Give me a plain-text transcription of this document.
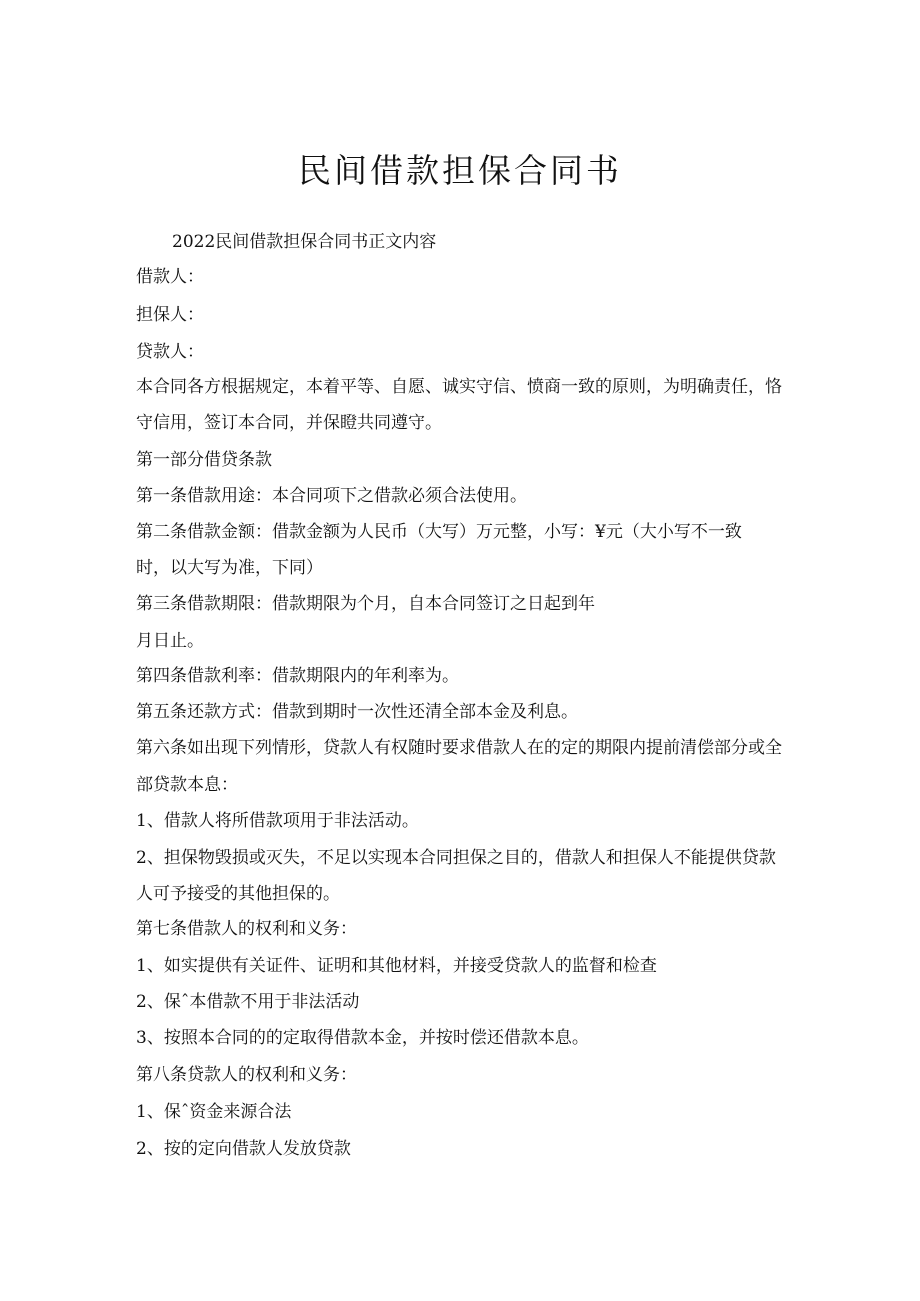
民间借款担保合同书
2022民间借款担保合同书正文内容
借款人：
担保人：
贷款人：
本合同各方根据规定，本着平等、自愿、诚实守信、愤商一致的原则，为明确责任，恪
守信用，签订本合同，并保瞪共同遵守。
第一部分借贷条款
第一条借款用途：本合同项下之借款必须合法使用。
第二条借款金额：借款金额为人民币（大写）万元整，小写：¥元（大小写不一致
时，以大写为准，下同）
第三条借款期限：借款期限为个月，自本合同签订之日起到年
月日止。
第四条借款利率：借款期限内的年利率为。
第五条还款方式：借款到期时一次性还清全部本金及利息。
第六条如出现下列情形，贷款人有权随时要求借款人在的定的期限内提前清偿部分或全
部贷款本息：
1、借款人将所借款项用于非法活动。
2、担保物毁损或灭失，不足以实现本合同担保之目的，借款人和担保人不能提供贷款
人可予接受的其他担保的。
第七条借款人的权利和义务：
1、如实提供有关证件、证明和其他材料，并接受贷款人的监督和检查
2、保ˆ本借款不用于非法活动
3、按照本合同的的定取得借款本金，并按时偿还借款本息。
第八条贷款人的权利和义务：
1、保ˆ资金来源合法
2、按的定向借款人发放贷款
